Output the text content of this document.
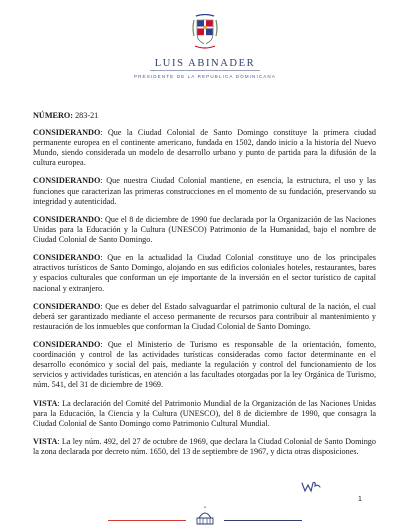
LUIS ABINADER
PRESIDENTE DE LA REPUBLICA DOMINICANA
NÚMERO: 283-21

CONSIDERANDO: Que la Ciudad Colonial de Santo Domingo constituye la primera ciudad permanente europea en el continente americano, fundada en 1502, dando inicio a la historia del Nuevo Mundo, siendo considerada un modelo de desarrollo urbano y punto de partida para la difusión de la cultura europea.

CONSIDERANDO: Que nuestra Ciudad Colonial mantiene, en esencia, la estructura, el uso y las funciones que caracterizan las primeras construcciones en el momento de su fundación, preservando su integridad y autenticidad.

CONSIDERANDO: Que el 8 de diciembre de 1990 fue declarada por la Organización de las Naciones Unidas para la Educación y la Cultura (UNESCO) Patrimonio de la Humanidad, bajo el nombre de Ciudad Colonial de Santo Domingo.

CONSIDERANDO: Que en la actualidad la Ciudad Colonial constituye uno de los principales atractivos turísticos de Santo Domingo, alojando en sus edificios coloniales hoteles, restaurantes, bares y espacios culturales que conforman un eje importante de la inversión en el sector turístico de capital nacional y extranjero.

CONSIDERANDO: Que es deber del Estado salvaguardar el patrimonio cultural de la nación, el cual deberá ser garantizado mediante el acceso permanente de recursos para contribuir al mantenimiento y restauración de los inmuebles que conforman la Ciudad Colonial de Santo Domingo.

CONSIDERANDO: Que el Ministerio de Turismo es responsable de la orientación, fomento, coordinación y control de las actividades turísticas consideradas como factor determinante en el desarrollo económico y social del país, mediante la regulación y control del funcionamiento de los servicios y actividades turísticas, en atención a las facultades otorgadas por la ley Orgánica de Turismo, núm. 541, del 31 de diciembre de 1969.

VISTA: La declaración del Comité del Patrimonio Mundial de la Organización de las Naciones Unidas para la Educación, la Ciencia y la Cultura (UNESCO), del 8 de diciembre de 1990, que consagra la Ciudad Colonial de Santo Domingo como Patrimonio Cultural Mundial.

VISTA: La ley núm. 492, del 27 de octubre de 1969, que declara la Ciudad Colonial de Santo Domingo la zona declarada por decreto núm. 1650, del 13 de septiembre de 1967, y dicta otras disposiciones.

1
